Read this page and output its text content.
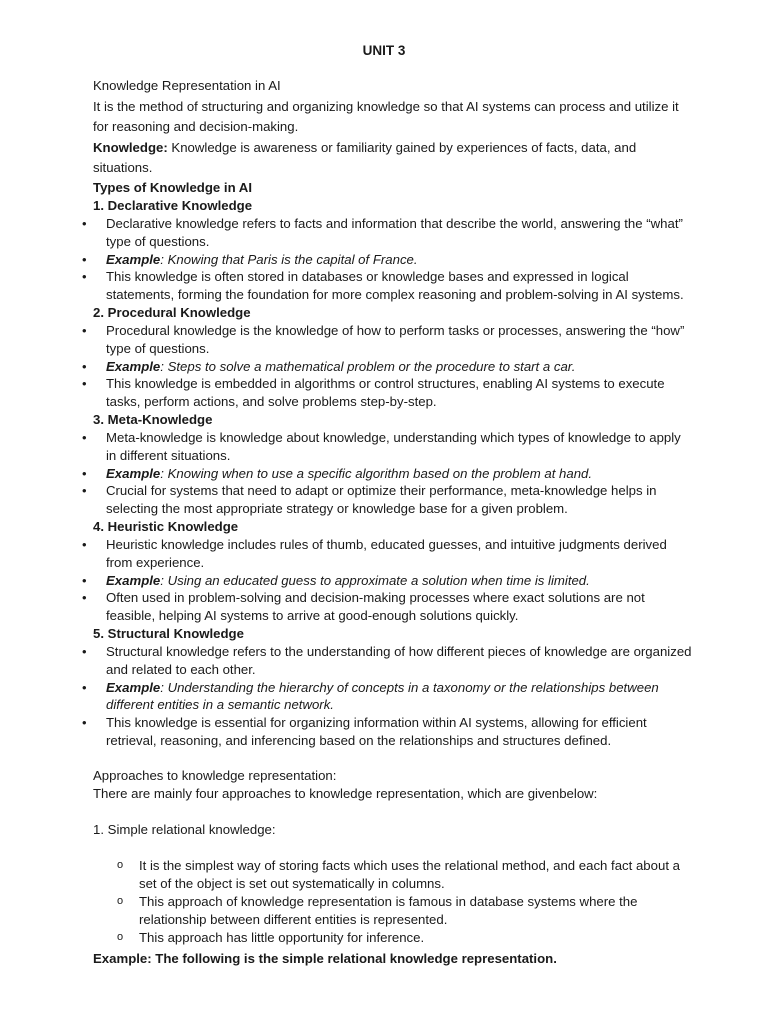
UNIT 3

Knowledge Representation in AI

It is the method of structuring and organizing knowledge so that AI systems can process and utilize it for reasoning and decision-making.

Knowledge: Knowledge is awareness or familiarity gained by experiences of facts, data, and situations.

Types of Knowledge in AI

1. Declarative Knowledge

• Declarative knowledge refers to facts and information that describe the world, answering the “what” type of questions.

• Example: Knowing that Paris is the capital of France.

• This knowledge is often stored in databases or knowledge bases and expressed in logical statements, forming the foundation for more complex reasoning and problem-solving in AI systems.

2. Procedural Knowledge

• Procedural knowledge is the knowledge of how to perform tasks or processes, answering the “how” type of questions.

• Example: Steps to solve a mathematical problem or the procedure to start a car.

• This knowledge is embedded in algorithms or control structures, enabling AI systems to execute tasks, perform actions, and solve problems step-by-step.

3. Meta-Knowledge

• Meta-knowledge is knowledge about knowledge, understanding which types of knowledge to apply in different situations.

• Example: Knowing when to use a specific algorithm based on the problem at hand.

• Crucial for systems that need to adapt or optimize their performance, meta-knowledge helps in selecting the most appropriate strategy or knowledge base for a given problem.

4. Heuristic Knowledge

• Heuristic knowledge includes rules of thumb, educated guesses, and intuitive judgments derived from experience.

• Example: Using an educated guess to approximate a solution when time is limited.

• Often used in problem-solving and decision-making processes where exact solutions are not feasible, helping AI systems to arrive at good-enough solutions quickly.

5. Structural Knowledge

• Structural knowledge refers to the understanding of how different pieces of knowledge are organized and related to each other.

• Example: Understanding the hierarchy of concepts in a taxonomy or the relationships between different entities in a semantic network.

• This knowledge is essential for organizing information within AI systems, allowing for efficient retrieval, reasoning, and inferencing based on the relationships and structures defined.

Approaches to knowledge representation:

There are mainly four approaches to knowledge representation, which are givenbelow:

1. Simple relational knowledge:

o It is the simplest way of storing facts which uses the relational method, and each fact about a set of the object is set out systematically in columns.

o This approach of knowledge representation is famous in database systems where the relationship between different entities is represented.

o This approach has little opportunity for inference.

Example: The following is the simple relational knowledge representation.
